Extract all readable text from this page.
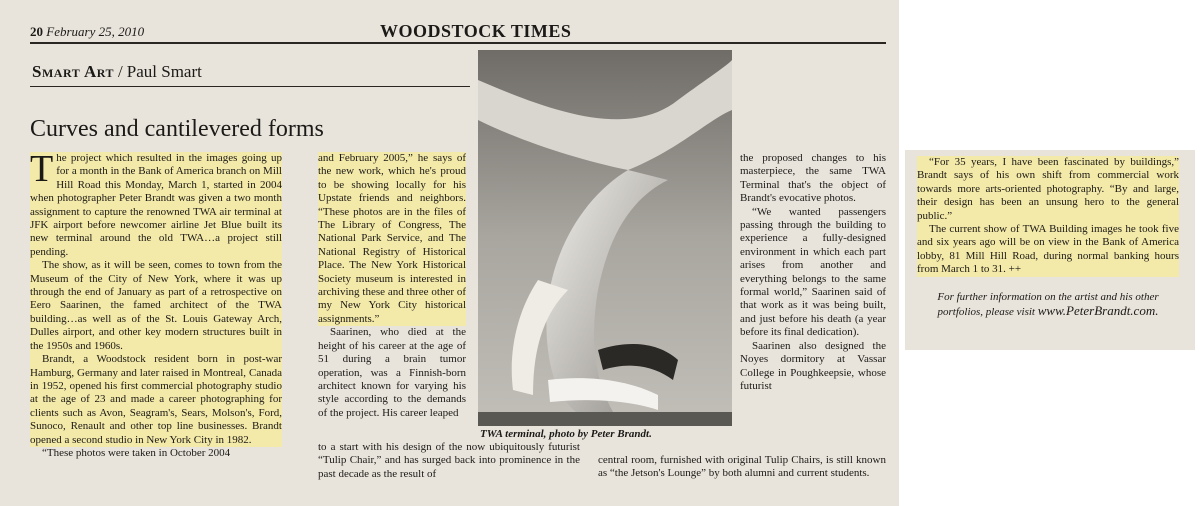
20 February 25, 2010	WOODSTOCK TIMES
Smart Art / Paul Smart
Curves and cantilevered forms

The project which resulted in the images going up for a month in the Bank of America branch on Mill Hill Road this Monday, March 1, started in 2004 when photographer Peter Brandt was given a two month assignment to capture the renowned TWA air terminal at JFK airport before newcomer airline Jet Blue built its new terminal around the old TWA…a project still pending.

The show, as it will be seen, comes to town from the Museum of the City of New York, where it was up through the end of January as part of a retrospective on Eero Saarinen, the famed architect of the TWA building…as well as of the St. Louis Gateway Arch, Dulles airport, and other key modern structures built in the 1950s and 1960s.

Brandt, a Woodstock resident born in post-war Hamburg, Germany and later raised in Montreal, Canada in 1952, opened his first commercial photography studio at the age of 23 and made a career photographing for clients such as Avon, Seagram's, Sears, Molson's, Ford, Sunoco, Renault and other top line businesses. Brandt opened a second studio in New York City in 1982.

“These photos were taken in October 2004

and February 2005,” he says of the new work, which he's proud to be showing locally for his Upstate friends and neighbors. “These photos are in the files of The Library of Congress, The National Park Service, and The National Registry of Historical Place. The New York Historical Society museum is interested in archiving these and three other of my New York City historical assignments.”

Saarinen, who died at the height of his career at the age of 51 during a brain tumor operation, was a Finnish-born architect known for varying his style according to the demands of the project. His career leaped

to a start with his design of the now ubiquitously futurist “Tulip Chair,” and has surged back into prominence in the past decade as the result of

TWA terminal, photo by Peter Brandt.

the proposed changes to his masterpiece, the same TWA Terminal that's the object of Brandt's evocative photos.

“We wanted passengers passing through the building to experience a fully-designed environment in which each part arises from another and everything belongs to the same formal world,” Saarinen said of that work as it was being built, and just before his death (a year before its final dedication).

Saarinen also designed the Noyes dormitory at Vassar College in Poughkeepsie, whose futurist

central room, furnished with original Tulip Chairs, is still known as “the Jetson's Lounge” by both alumni and current students.

“For 35 years, I have been fascinated by buildings,” Brandt says of his own shift from commercial work towards more arts-oriented photography. “By and large, their design has been an unsung hero to the general public.”

The current show of TWA Building images he took five and six years ago will be on view in the Bank of America lobby, 81 Mill Hill Road, during normal banking hours from March 1 to 31. ++

For further information on the artist and his other portfolios, please visit www.PeterBrandt.com.
